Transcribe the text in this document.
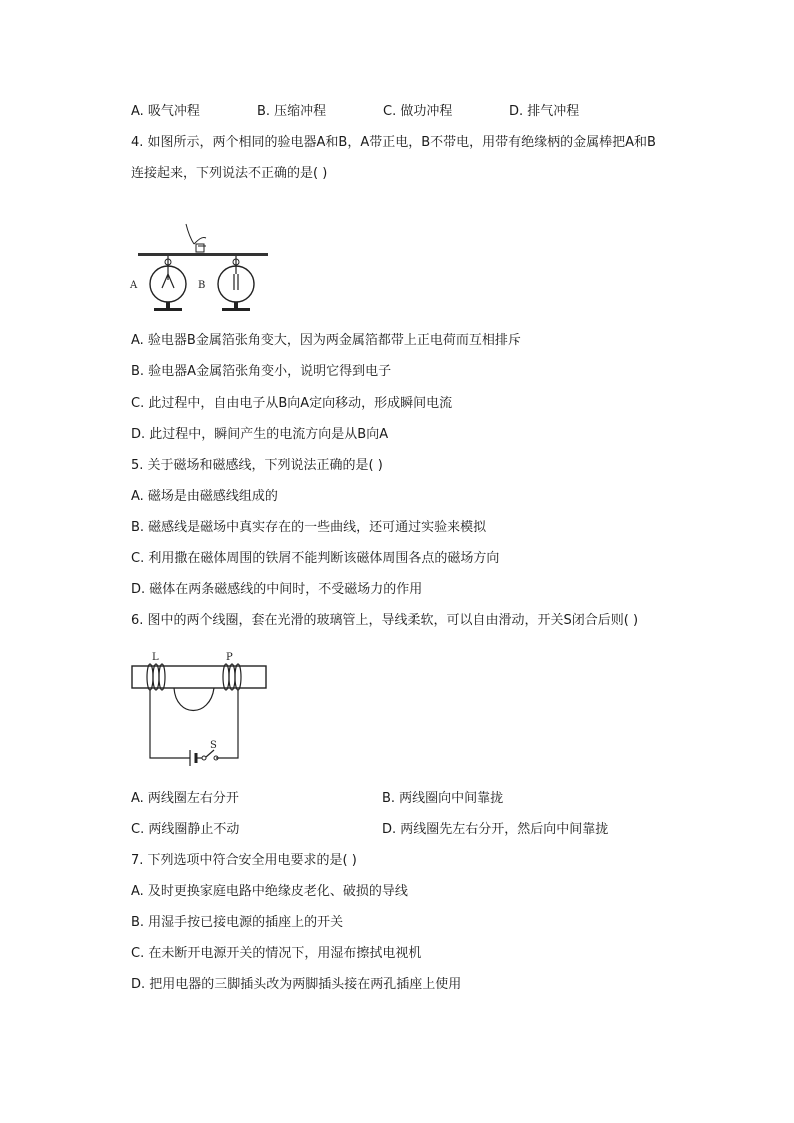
A. 吸气冲程	B. 压缩冲程	C. 做功冲程	D. 排气冲程
4. 如图所示，两个相同的验电器A和B，A带正电，B不带电，用带有绝缘柄的金属棒把A和B
连接起来，下列说法不正确的是( )
A	B
A. 验电器B金属箔张角变大，因为两金属箔都带上正电荷而互相排斥
B. 验电器A金属箔张角变小，说明它得到电子
C. 此过程中，自由电子从B向A定向移动，形成瞬间电流
D. 此过程中，瞬间产生的电流方向是从B向A
5. 关于磁场和磁感线，下列说法正确的是( )
A. 磁场是由磁感线组成的
B. 磁感线是磁场中真实存在的一些曲线，还可通过实验来模拟
C. 利用撒在磁体周围的铁屑不能判断该磁体周围各点的磁场方向
D. 磁体在两条磁感线的中间时，不受磁场力的作用
6. 图中的两个线圈，套在光滑的玻璃管上，导线柔软，可以自由滑动，开关S闭合后则( )
L	P
S
A. 两线圈左右分开	B. 两线圈向中间靠拢
C. 两线圈静止不动	D. 两线圈先左右分开，然后向中间靠拢
7. 下列选项中符合安全用电要求的是( )
A. 及时更换家庭电路中绝缘皮老化、破损的导线
B. 用湿手按已接电源的插座上的开关
C. 在未断开电源开关的情况下，用湿布擦拭电视机
D. 把用电器的三脚插头改为两脚插头接在两孔插座上使用
